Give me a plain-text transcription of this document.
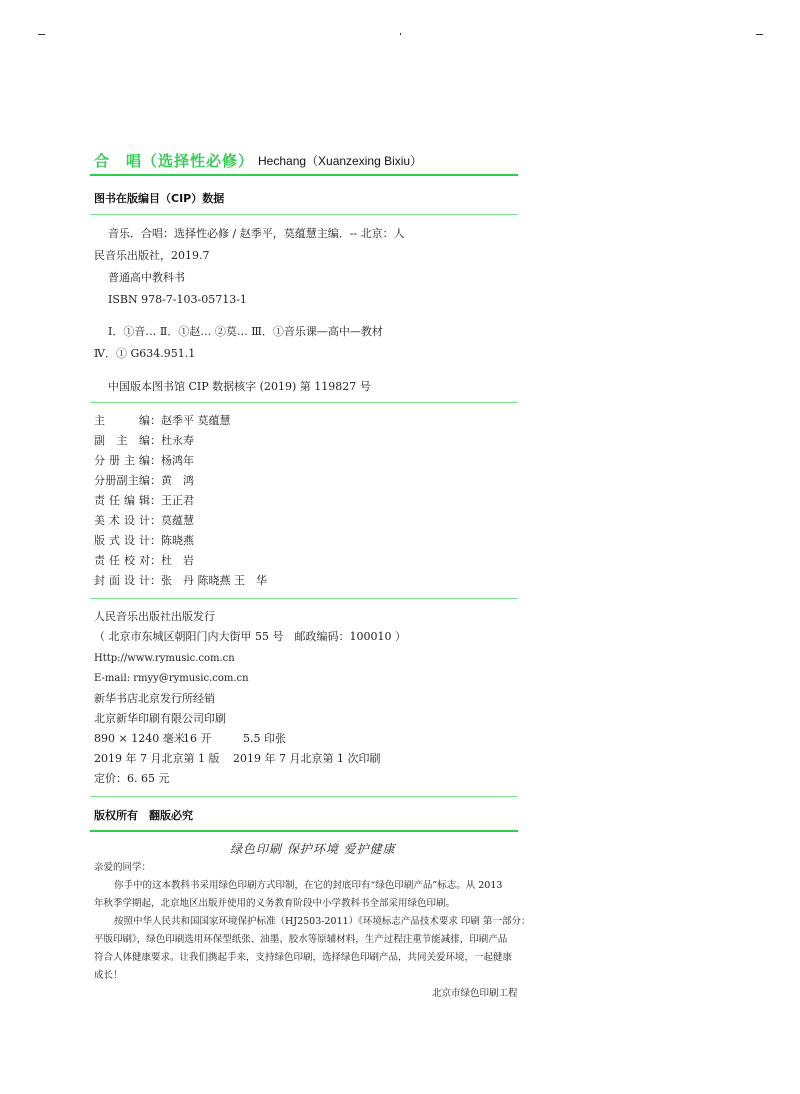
合　唱（选择性必修） Hechang（Xuanzexing Bixiu）
图书在版编目（CIP）数据
音乐．合唱：选择性必修 / 赵季平，莫蕴慧主编．-- 北京：人
民音乐出版社，2019.7
普通高中教科书
ISBN 978-7-103-05713-1
Ⅰ．①音… Ⅱ．①赵… ②莫… Ⅲ．①音乐课—高中—教材
Ⅳ．① G634.951.1
中国版本图书馆 CIP 数据核字 (2019) 第 119827 号
主编：赵季平 莫蕴慧
副主编：杜永寿
分册主编：杨鸿年
分册副主编：黄　鸿
责任编辑：王正君
美术设计：莫蕴慧
版式设计：陈晓燕
责任校对：杜　岩
封面设计：张　丹 陈晓燕 王　华
人民音乐出版社出版发行
（ 北京市东城区朝阳门内大街甲 55 号　邮政编码：100010 ）
Http://www.rymusic.com.cn
E-mail: rmyy@rymusic.com.cn
新华书店北京发行所经销
北京新华印刷有限公司印刷
890 × 1240 毫米
16 开	5.5 印张
2019 年 7 月北京第 1 版 2019 年 7 月北京第 1 次印刷
定价：6. 65 元
版权所有　翻版必究
绿色印刷 保护环境 爱护健康
亲爱的同学：
你手中的这本教科书采用绿色印刷方式印制，在它的封底印有“绿色印刷产品”标志。从 2013
年秋季学期起，北京地区出版并使用的义务教育阶段中小学教科书全部采用绿色印刷。
按照中华人民共和国国家环境保护标准（HJ2503-2011）《环境标志产品技术要求 印刷 第一部分：
平版印刷》，绿色印刷选用环保型纸张、油墨、胶水等原辅材料，生产过程注重节能减排，印刷产品
符合人体健康要求。让我们携起手来，支持绿色印刷，选择绿色印刷产品，共同关爱环境，一起健康
成长！
北京市绿色印刷工程
